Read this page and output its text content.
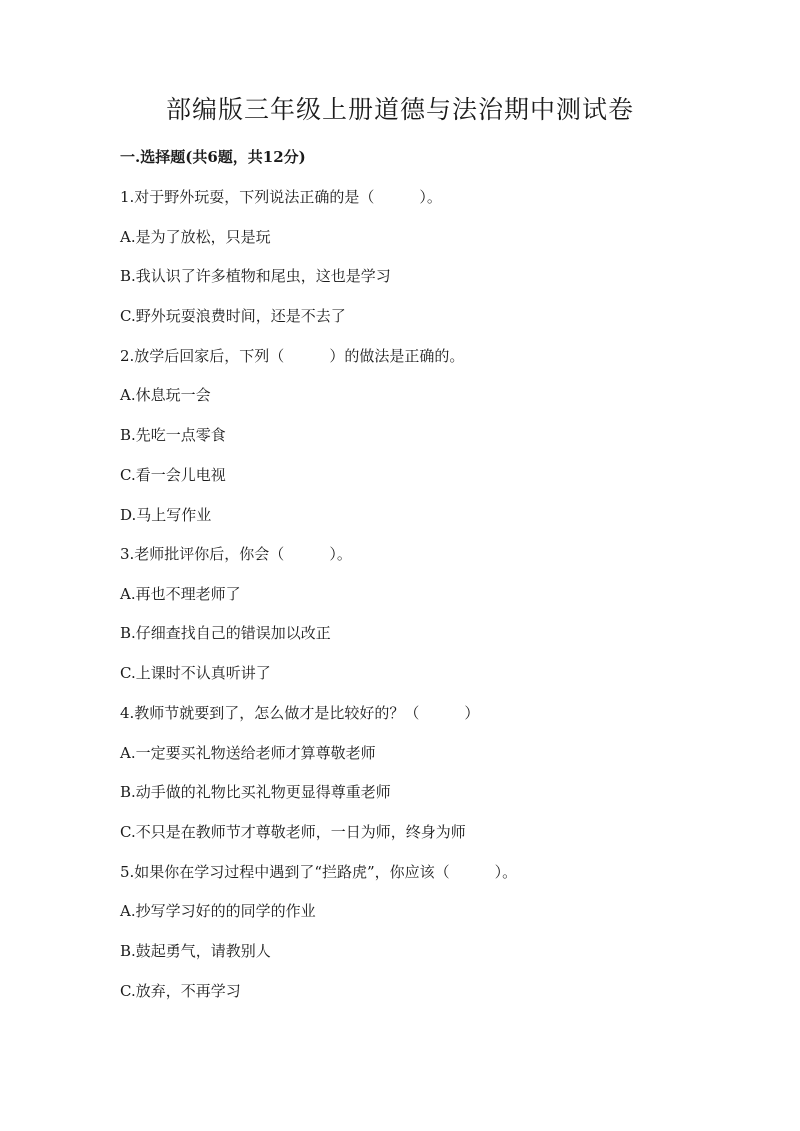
部编版三年级上册道德与法治期中测试卷

一.选择题(共6题，共12分)

1.对于野外玩耍，下列说法正确的是（　　　）。

A.是为了放松，只是玩

B.我认识了许多植物和尾虫，这也是学习

C.野外玩耍浪费时间，还是不去了

2.放学后回家后，下列（　　　）的做法是正确的。

A.休息玩一会

B.先吃一点零食

C.看一会儿电视

D.马上写作业

3.老师批评你后，你会（　　　）。

A.再也不理老师了

B.仔细查找自己的错误加以改正

C.上课时不认真听讲了

4.教师节就要到了，怎么做才是比较好的？（　　　）

A.一定要买礼物送给老师才算尊敬老师

B.动手做的礼物比买礼物更显得尊重老师

C.不只是在教师节才尊敬老师，一日为师，终身为师

5.如果你在学习过程中遇到了“拦路虎”，你应该（　　　）。

A.抄写学习好的的同学的作业

B.鼓起勇气，请教别人

C.放弃，不再学习
